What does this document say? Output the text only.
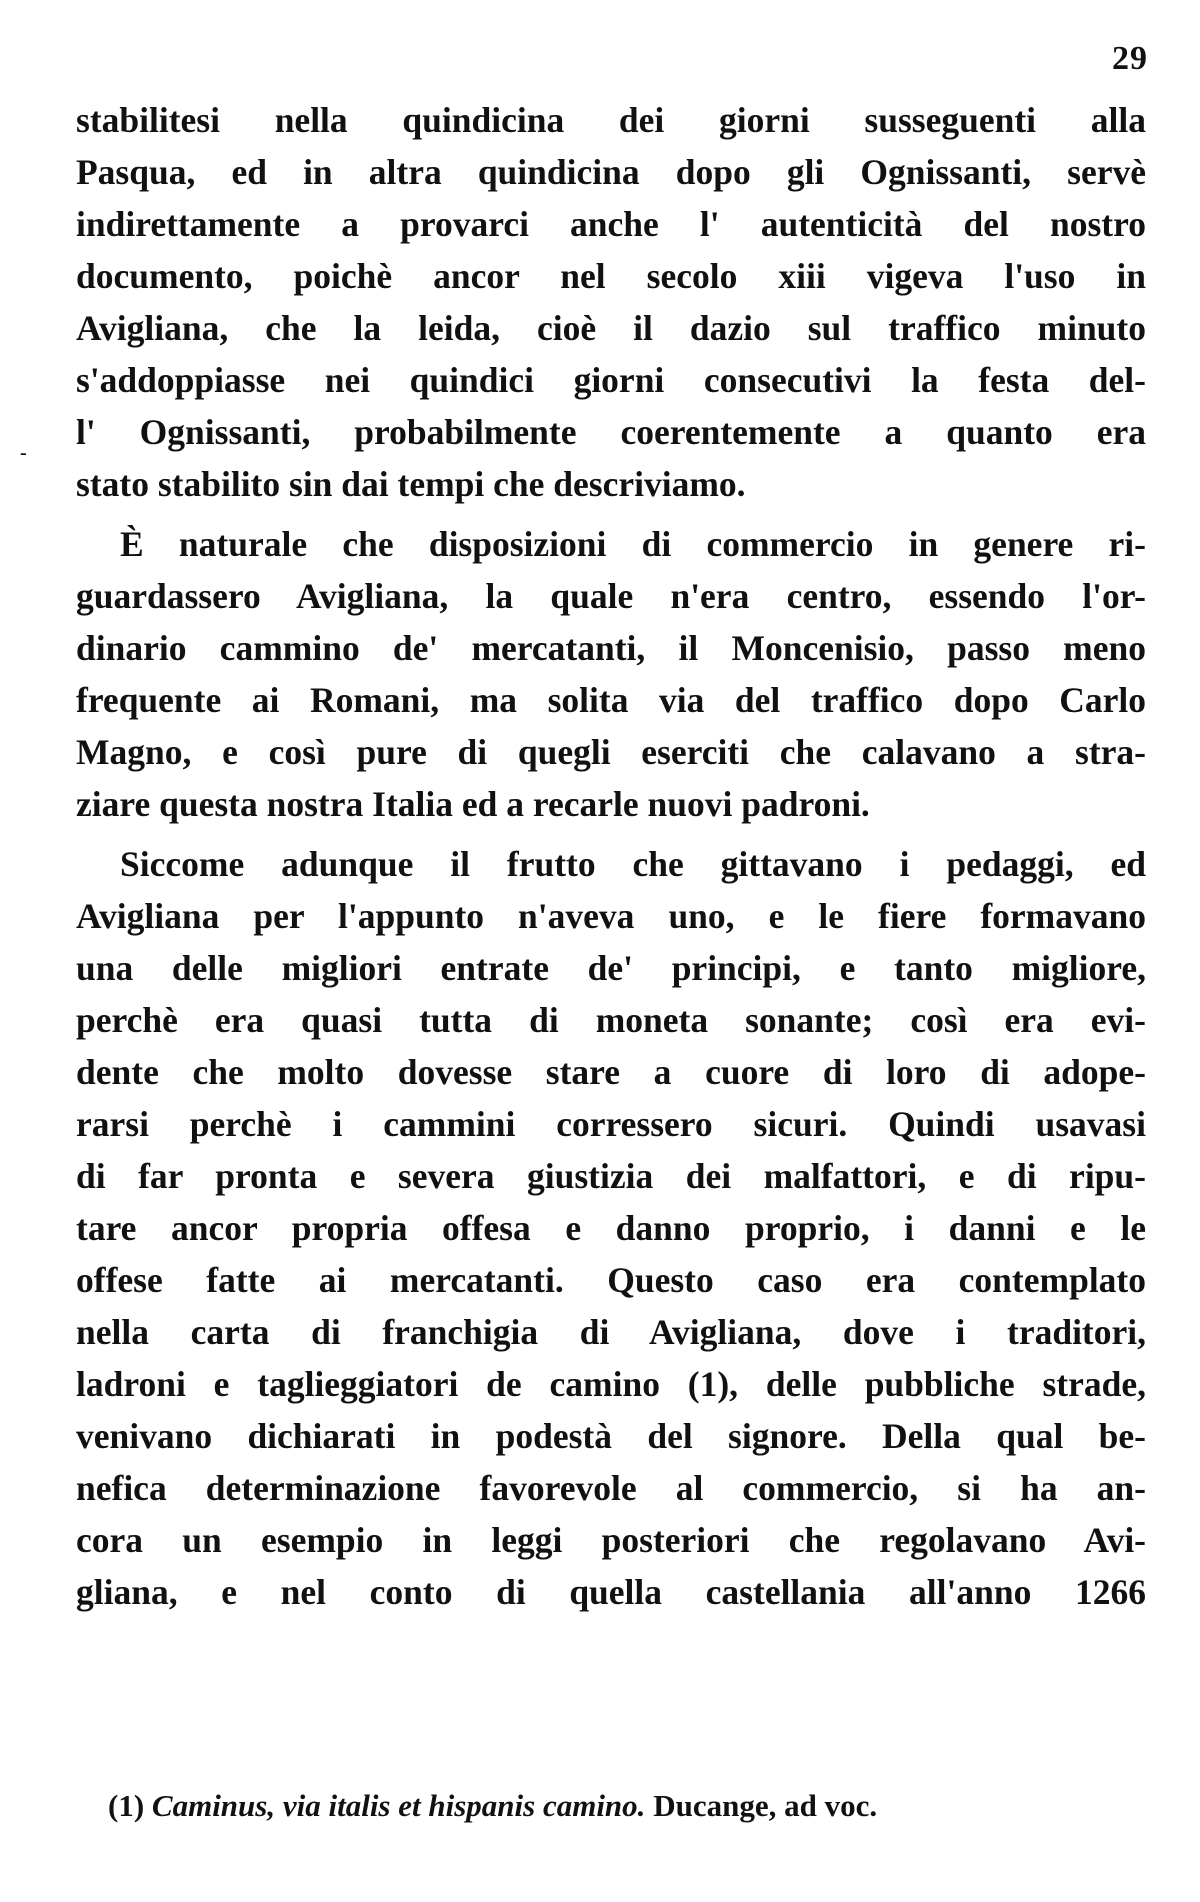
29
-
stabilitesi nella quindicina dei giorni susseguenti alla
Pasqua, ed in altra quindicina dopo gli Ognissanti, servè
indirettamente a provarci anche l' autenticità del nostro
documento, poichè ancor nel secolo xiii vigeva l'uso in
Avigliana, che la leida, cioè il dazio sul traffico minuto
s'addoppiasse nei quindici giorni consecutivi la festa del-
l' Ognissanti, probabilmente coerentemente a quanto era
stato stabilito sin dai tempi che descriviamo.
È naturale che disposizioni di commercio in genere ri-
guardassero Avigliana, la quale n'era centro, essendo l'or-
dinario cammino de' mercatanti, il Moncenisio, passo meno
frequente ai Romani, ma solita via del traffico dopo Carlo
Magno, e così pure di quegli eserciti che calavano a stra-
ziare questa nostra Italia ed a recarle nuovi padroni.
Siccome adunque il frutto che gittavano i pedaggi, ed
Avigliana per l'appunto n'aveva uno, e le fiere formavano
una delle migliori entrate de' principi, e tanto migliore,
perchè era quasi tutta di moneta sonante; così era evi-
dente che molto dovesse stare a cuore di loro di adope-
rarsi perchè i cammini corressero sicuri. Quindi usavasi
di far pronta e severa giustizia dei malfattori, e di ripu-
tare ancor propria offesa e danno proprio, i danni e le
offese fatte ai mercatanti. Questo caso era contemplato
nella carta di franchigia di Avigliana, dove i traditori,
ladroni e taglieggiatori de camino (1), delle pubbliche strade,
venivano dichiarati in podestà del signore. Della qual be-
nefica determinazione favorevole al commercio, si ha an-
cora un esempio in leggi posteriori che regolavano Avi-
gliana, e nel conto di quella castellania all'anno 1266
(1) Caminus, via italis et hispanis camino. Ducange, ad voc.
